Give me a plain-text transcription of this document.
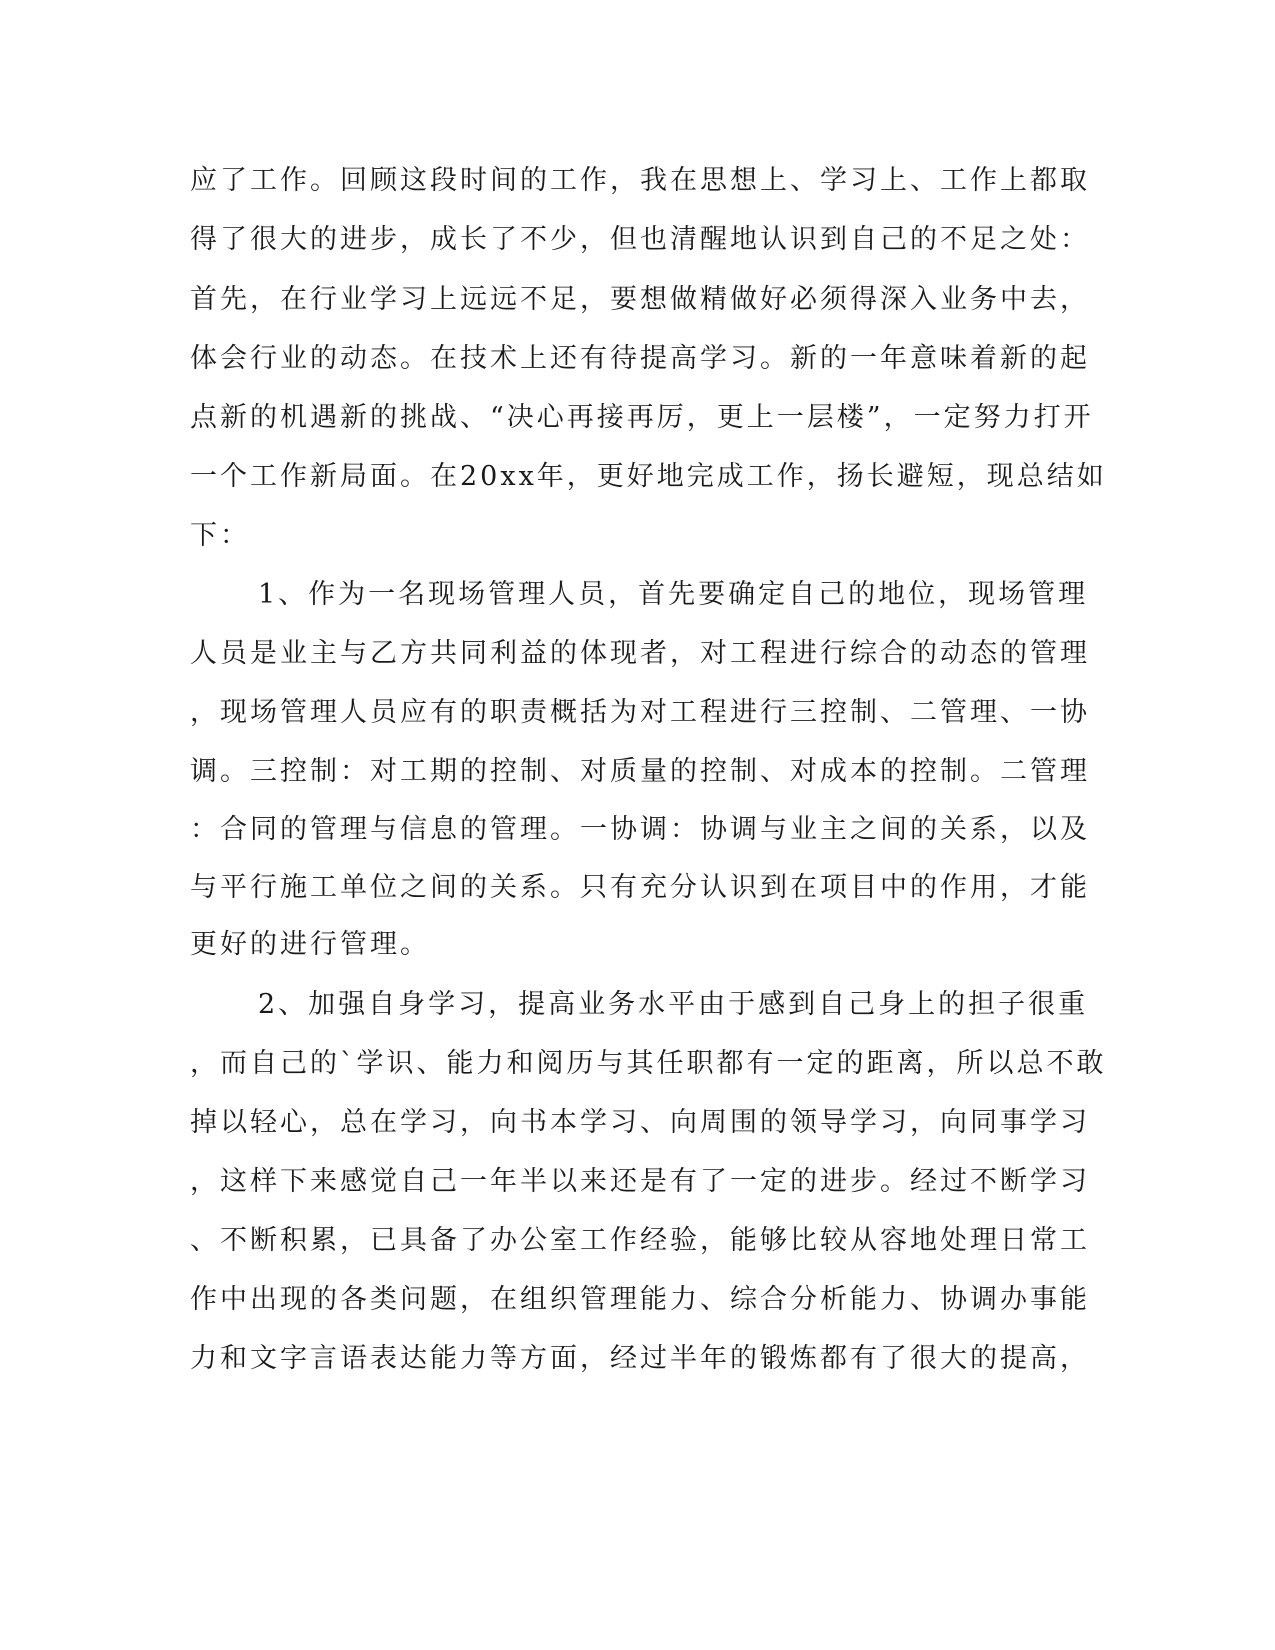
应了工作。回顾这段时间的工作，我在思想上、学习上、工作上都取
得了很大的进步，成长了不少，但也清醒地认识到自己的不足之处：
首先，在行业学习上远远不足，要想做精做好必须得深入业务中去，
体会行业的动态。在技术上还有待提高学习。新的一年意味着新的起
点新的机遇新的挑战、“决心再接再厉，更上一层楼”，一定努力打开
一个工作新局面。在20xx年，更好地完成工作，扬长避短，现总结如
下：
1、作为一名现场管理人员，首先要确定自己的地位，现场管理
人员是业主与乙方共同利益的体现者，对工程进行综合的动态的管理
，现场管理人员应有的职责概括为对工程进行三控制、二管理、一协
调。三控制：对工期的控制、对质量的控制、对成本的控制。二管理
：合同的管理与信息的管理。一协调：协调与业主之间的关系，以及
与平行施工单位之间的关系。只有充分认识到在项目中的作用，才能
更好的进行管理。
2、加强自身学习，提高业务水平由于感到自己身上的担子很重
，而自己的`学识、能力和阅历与其任职都有一定的距离，所以总不敢
掉以轻心，总在学习，向书本学习、向周围的领导学习，向同事学习
，这样下来感觉自己一年半以来还是有了一定的进步。经过不断学习
、不断积累，已具备了办公室工作经验，能够比较从容地处理日常工
作中出现的各类问题，在组织管理能力、综合分析能力、协调办事能
力和文字言语表达能力等方面，经过半年的锻炼都有了很大的提高，
